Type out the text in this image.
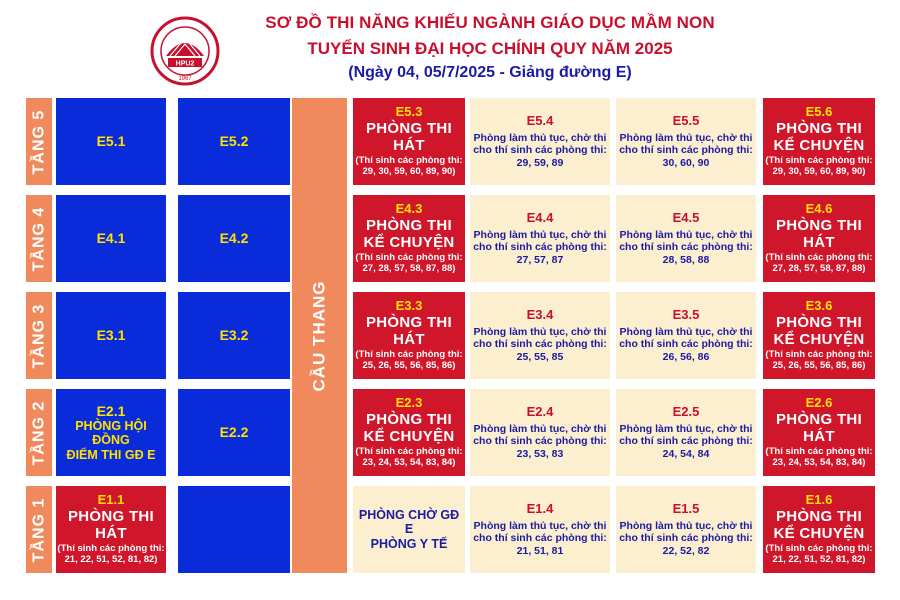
HPU2
1967
SƠ ĐỒ THI NĂNG KHIẾU NGÀNH GIÁO DỤC MẦM NON
TUYỂN SINH ĐẠI HỌC CHÍNH QUY NĂM 2025
(Ngày 04, 05/7/2025 - Giảng đường E)
TẦNG 5
TẦNG 4
TẦNG 3
TẦNG 2
TẦNG 1
CẦU THANG
E5.1	E5.2
E5.3
PHÒNG THI HÁT
(Thí sinh các phòng thi:
29, 30, 59, 60, 89, 90)
E5.4
Phòng làm thủ tục, chờ thi
cho thí sinh các phòng thi:
29, 59, 89
E5.5
Phòng làm thủ tục, chờ thi
cho thí sinh các phòng thi:
30, 60, 90
E5.6
PHÒNG THI
KỂ CHUYỆN
(Thí sinh các phòng thi:
29, 30, 59, 60, 89, 90)
E4.1	E4.2
E4.3
PHÒNG THI
KỂ CHUYỆN
(Thí sinh các phòng thi:
27, 28, 57, 58, 87, 88)
E4.4
Phòng làm thủ tục, chờ thi
cho thí sinh các phòng thi:
27, 57, 87
E4.5
Phòng làm thủ tục, chờ thi
cho thí sinh các phòng thi:
28, 58, 88
E4.6
PHÒNG THI HÁT
(Thí sinh các phòng thi:
27, 28, 57, 58, 87, 88)
E3.1	E3.2
E3.3
PHÒNG THI HÁT
(Thí sinh các phòng thi:
25, 26, 55, 56, 85, 86)
E3.4
Phòng làm thủ tục, chờ thi
cho thí sinh các phòng thi:
25, 55, 85
E3.5
Phòng làm thủ tục, chờ thi
cho thí sinh các phòng thi:
26, 56, 86
E3.6
PHÒNG THI
KỂ CHUYỆN
(Thí sinh các phòng thi:
25, 26, 55, 56, 85, 86)
E2.1
PHÒNG HỘI ĐỒNG
ĐIỂM THI GĐ E
E2.2
E2.3
PHÒNG THI
KỂ CHUYỆN
(Thí sinh các phòng thi:
23, 24, 53, 54, 83, 84)
E2.4
Phòng làm thủ tục, chờ thi
cho thí sinh các phòng thi:
23, 53, 83
E2.5
Phòng làm thủ tục, chờ thi
cho thí sinh các phòng thi:
24, 54, 84
E2.6
PHÒNG THI HÁT
(Thí sinh các phòng thi:
23, 24, 53, 54, 83, 84)
E1.1
PHÒNG THI HÁT
(Thí sinh các phòng thi:
21, 22, 51, 52, 81, 82)
PHÒNG CHỜ GĐ E
PHÒNG Y TẾ
E1.4
Phòng làm thủ tục, chờ thi
cho thí sinh các phòng thi:
21, 51, 81
E1.5
Phòng làm thủ tục, chờ thi
cho thí sinh các phòng thi:
22, 52, 82
E1.6
PHÒNG THI
KỂ CHUYỆN
(Thí sinh các phòng thi:
21, 22, 51, 52, 81, 82)
